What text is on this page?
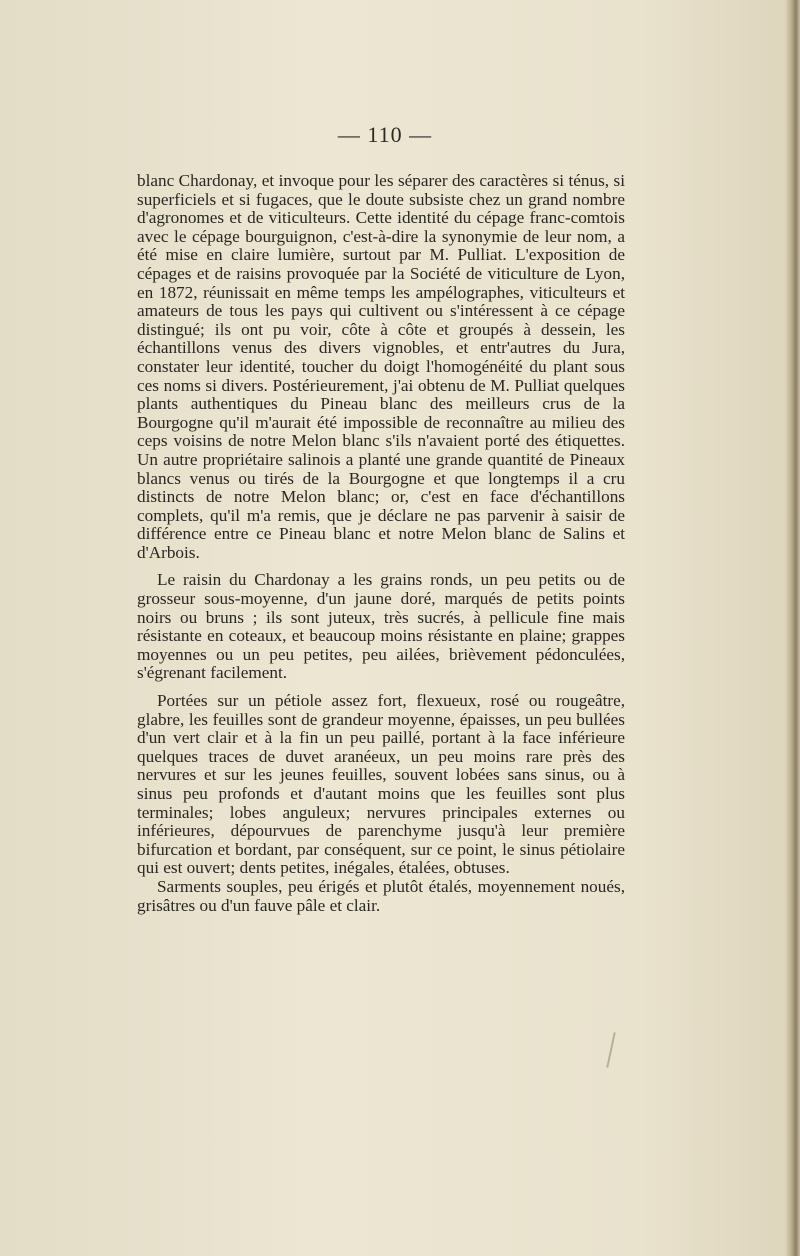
— 110 —

blanc Chardonay, et invoque pour les séparer des caractères si ténus, si superficiels et si fugaces, que le doute subsiste chez un grand nombre d'agronomes et de viticulteurs. Cette identité du cépage franc-comtois avec le cépage bourguignon, c'est-à-dire la synonymie de leur nom, a été mise en claire lumière, surtout par M. Pulliat. L'exposition de cépages et de raisins provoquée par la Société de viticulture de Lyon, en 1872, réunissait en même temps les ampélographes, viticulteurs et amateurs de tous les pays qui cultivent ou s'intéressent à ce cépage distingué; ils ont pu voir, côte à côte et groupés à dessein, les échantillons venus des divers vignobles, et entr'autres du Jura, constater leur identité, toucher du doigt l'homogénéité du plant sous ces noms si divers. Postérieurement, j'ai obtenu de M. Pulliat quelques plants authentiques du Pineau blanc des meilleurs crus de la Bourgogne qu'il m'aurait été impossible de reconnaître au milieu des ceps voisins de notre Melon blanc s'ils n'avaient porté des étiquettes. Un autre propriétaire salinois a planté une grande quantité de Pineaux blancs venus ou tirés de la Bourgogne et que longtemps il a cru distincts de notre Melon blanc; or, c'est en face d'échantillons complets, qu'il m'a remis, que je déclare ne pas parvenir à saisir de différence entre ce Pineau blanc et notre Melon blanc de Salins et d'Arbois.

Le raisin du Chardonay a les grains ronds, un peu petits ou de grosseur sous-moyenne, d'un jaune doré, marqués de petits points noirs ou bruns ; ils sont juteux, très sucrés, à pellicule fine mais résistante en coteaux, et beaucoup moins résistante en plaine; grappes moyennes ou un peu petites, peu ailées, brièvement pédonculées, s'égrenant facilement.

Portées sur un pétiole assez fort, flexueux, rosé ou rougeâtre, glabre, les feuilles sont de grandeur moyenne, épaisses, un peu bullées d'un vert clair et à la fin un peu paillé, portant à la face inférieure quelques traces de duvet aranéeux, un peu moins rare près des nervures et sur les jeunes feuilles, souvent lobées sans sinus, ou à sinus peu profonds et d'autant moins que les feuilles sont plus terminales; lobes anguleux; nervures principales externes ou inférieures, dépourvues de parenchyme jusqu'à leur première bifurcation et bordant, par conséquent, sur ce point, le sinus pétiolaire qui est ouvert; dents petites, inégales, étalées, obtuses.

Sarments souples, peu érigés et plutôt étalés, moyennement noués, grisâtres ou d'un fauve pâle et clair.
